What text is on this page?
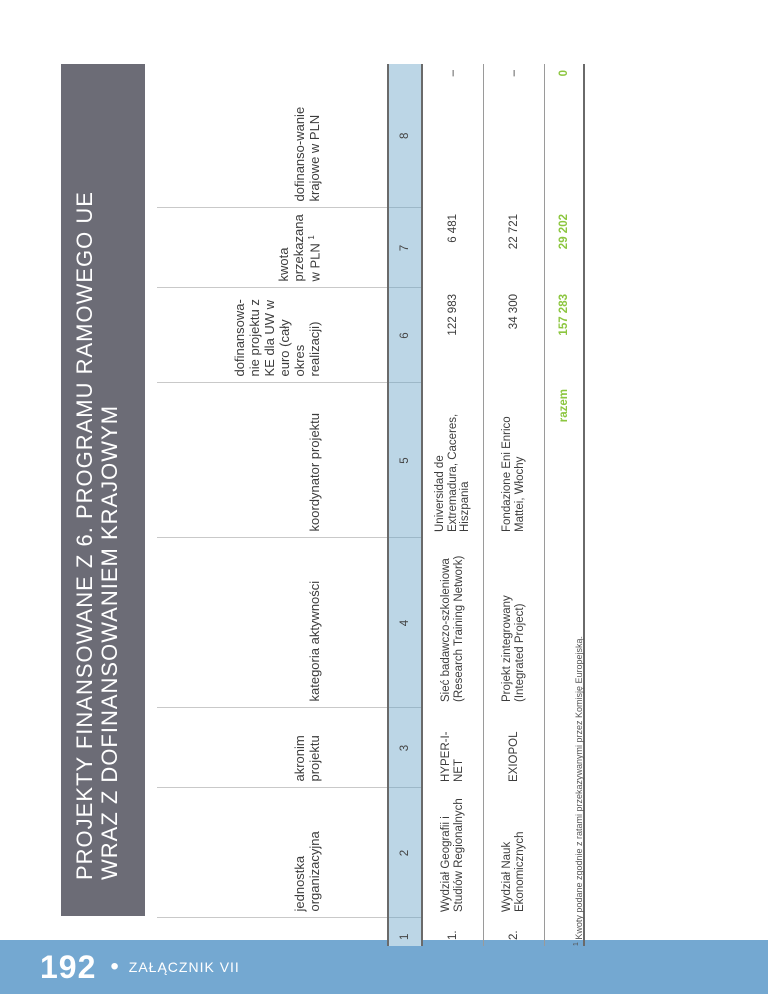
192 • ZAŁĄCZNIK VII
PROJEKTY FINANSOWANE Z 6. PROGRAMU RAMOWEGO UE WRAZ Z DOFINANSOWANIEM KRAJOWYM
	jednostka organizacyjna	akronim projektu	kategoria aktywności	koordynator projektu	dofinansowa-nie projektu z KE dla UW w euro (cały okres realizacji)	kwota przekazana w PLN $^1$	dofinanso-wanie krajowe w PLN
1	2	3	4	5	6	7	8
1.	Wydział Geografii i Studiów Regionalnych	HYPER-I-NET	Sieć badawczo-szkoleniowa (Research Training Network)	Universidad de Extremadura, Caceres, Hiszpania	122 983	6 481	–
2.	Wydział Nauk Ekonomicznych	EXIOPOL	Projekt zintegrowany (Integrated Project)	Fondazione Eni Enrico Mattei, Włochy	34 300	22 721	–
razem					157 283	29 202	0
$^1$ Kwoty podane zgodnie z ratami przekazywanymi przez Komisję Europejską.
